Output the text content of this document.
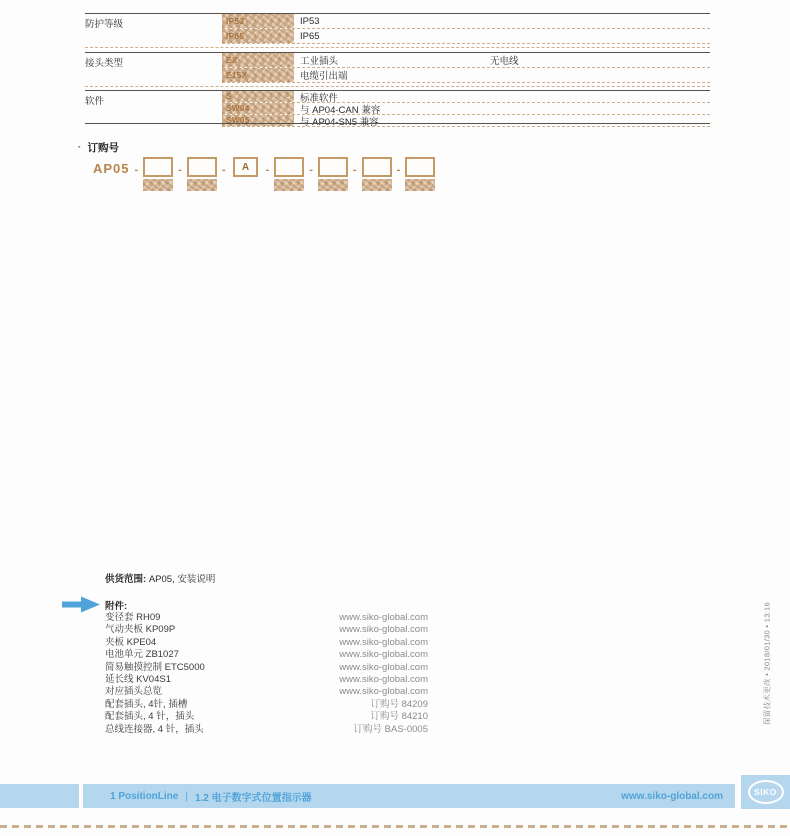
防护等级	IP53	IP53
IP65	IP65
接头类型	EX	工业插头	无电线
E15X	电缆引出端
软件	S	标准软件
SW04	与 AP04-CAN 兼容
SW05	与 AP04-SN5 兼容
▪ 订购号
AP05 -	-	-	A	-	-	-	-
供货范围: AP05, 安装说明
附件:
变径套 RH09	www.siko-global.com
气动夹板 KP09P	www.siko-global.com
夹板 KPE04	www.siko-global.com
电池单元 ZB1027	www.siko-global.com
简易触摸控制 ETC5000	www.siko-global.com
延长线 KV04S1	www.siko-global.com
对应插头总览	www.siko-global.com
配套插头, 4针, 插槽	订购号 84209
配套插头, 4 针，插头	订购号 84210
总线连接器, 4 针，插头	订购号 BAS-0005
保留技术更改 • 2018/01/30 • 13:16
1 PositionLine | 1.2 电子数字式位置指示器	www.siko-global.com	SIKO
